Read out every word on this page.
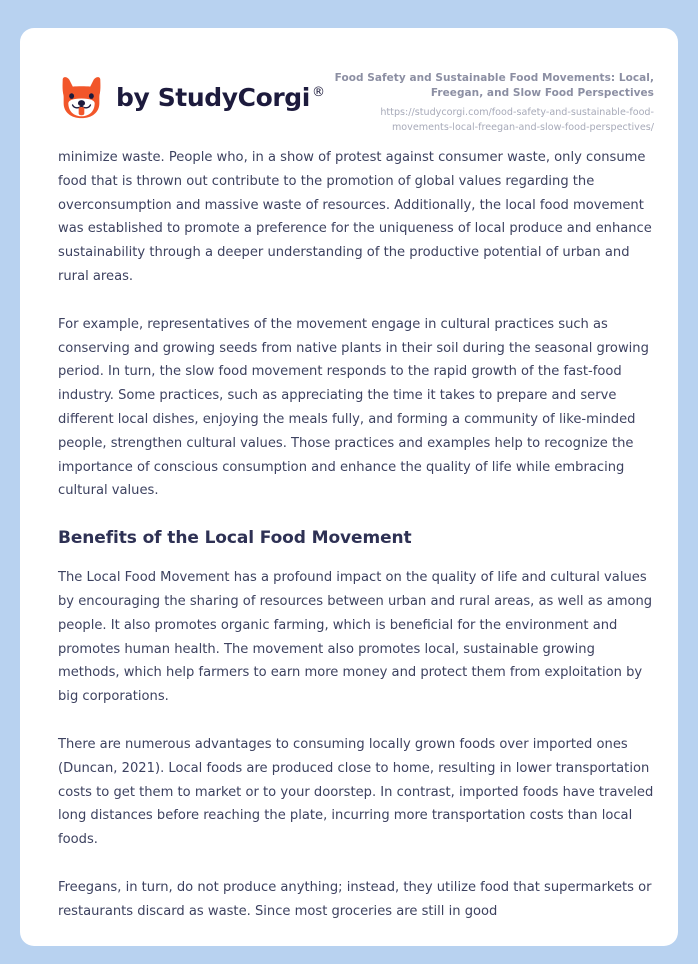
by StudyCorgi ®
Food Safety and Sustainable Food Movements: Local, Freegan, and Slow Food Perspectives
https://studycorgi.com/food-safety-and-sustainable-food-movements-local-freegan-and-slow-food-perspectives/

minimize waste. People who, in a show of protest against consumer waste, only consume food that is thrown out contribute to the promotion of global values regarding the overconsumption and massive waste of resources. Additionally, the local food movement was established to promote a preference for the uniqueness of local produce and enhance sustainability through a deeper understanding of the productive potential of urban and rural areas.

For example, representatives of the movement engage in cultural practices such as conserving and growing seeds from native plants in their soil during the seasonal growing period. In turn, the slow food movement responds to the rapid growth of the fast-food industry. Some practices, such as appreciating the time it takes to prepare and serve different local dishes, enjoying the meals fully, and forming a community of like-minded people, strengthen cultural values. Those practices and examples help to recognize the importance of conscious consumption and enhance the quality of life while embracing cultural values.

Benefits of the Local Food Movement

The Local Food Movement has a profound impact on the quality of life and cultural values by encouraging the sharing of resources between urban and rural areas, as well as among people. It also promotes organic farming, which is beneficial for the environment and promotes human health. The movement also promotes local, sustainable growing methods, which help farmers to earn more money and protect them from exploitation by big corporations.

There are numerous advantages to consuming locally grown foods over imported ones (Duncan, 2021). Local foods are produced close to home, resulting in lower transportation costs to get them to market or to your doorstep. In contrast, imported foods have traveled long distances before reaching the plate, incurring more transportation costs than local foods.

Freegans, in turn, do not produce anything; instead, they utilize food that supermarkets or restaurants discard as waste. Since most groceries are still in good
